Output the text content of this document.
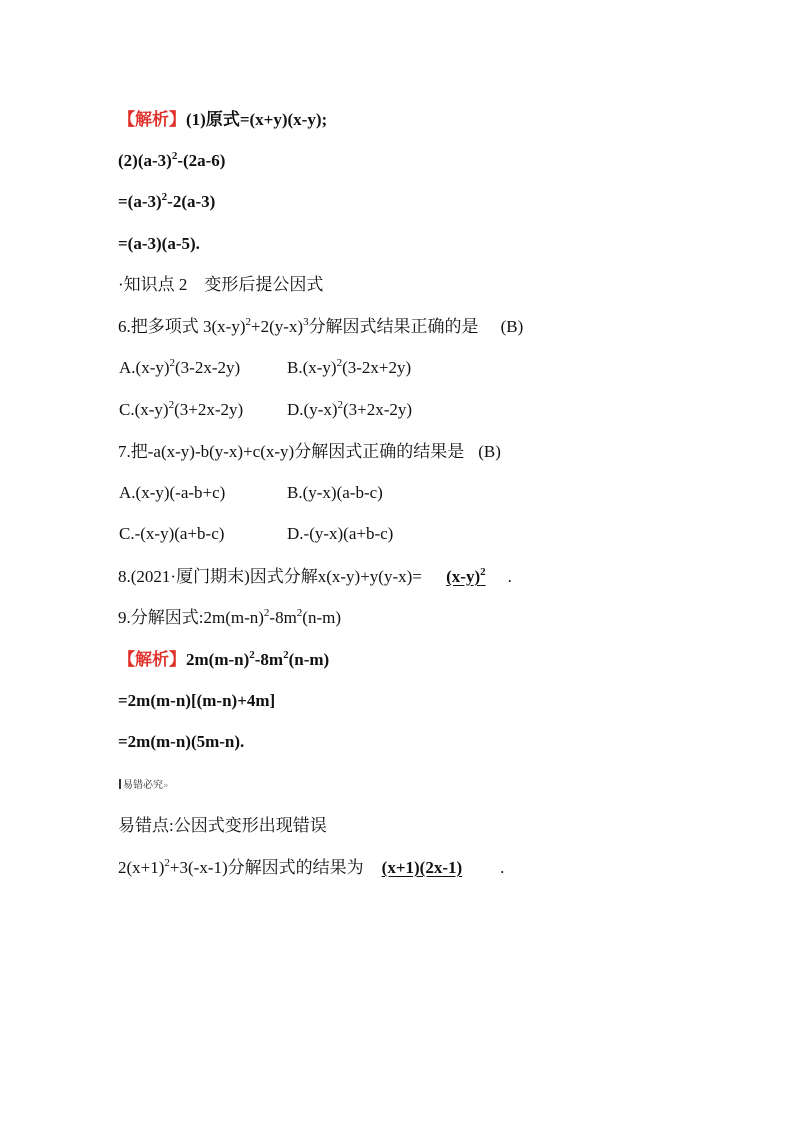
【解析】(1)原式=(x+y)(x-y);
$(2)(a-3)^2-(2a-6)$
$=(a-3)^2-2(a-3)$
=(a-3)(a-5).
·知识点 2　变形后提公因式
6.把多项式 $3(x-y)^2+2(y-x)^3$分解因式结果正确的是 (B)
$A.(x-y)^2(3-2x-2y)$	$B.(x-y)^2(3-2x+2y)$
$C.(x-y)^2(3+2x-2y)$	$D.(y-x)^2(3+2x-2y)$
7.把-a(x-y)-b(y-x)+c(x-y)分解因式正确的结果是 (B)
A.(x-y)(-a-b+c)	B.(y-x)(a-b-c)
C.-(x-y)(a+b-c)	D.-(y-x)(a+b-c)
8.(2021·厦门期末)因式分解$x(x-y)+y(y-x)= (x-y)^2$ .
9.分解因式$:2m(m-n)^2-8m^2(n-m)$
【解析】$2m(m-n)^2-8m^2(n-m)$
=2m(m-n)[(m-n)+4m]
=2m(m-n)(5m-n).
易错必究»
易错点:公因式变形出现错误
$2(x+1)^2+3(-x-1)$分解因式的结果为 (x+1)(2x-1) .
